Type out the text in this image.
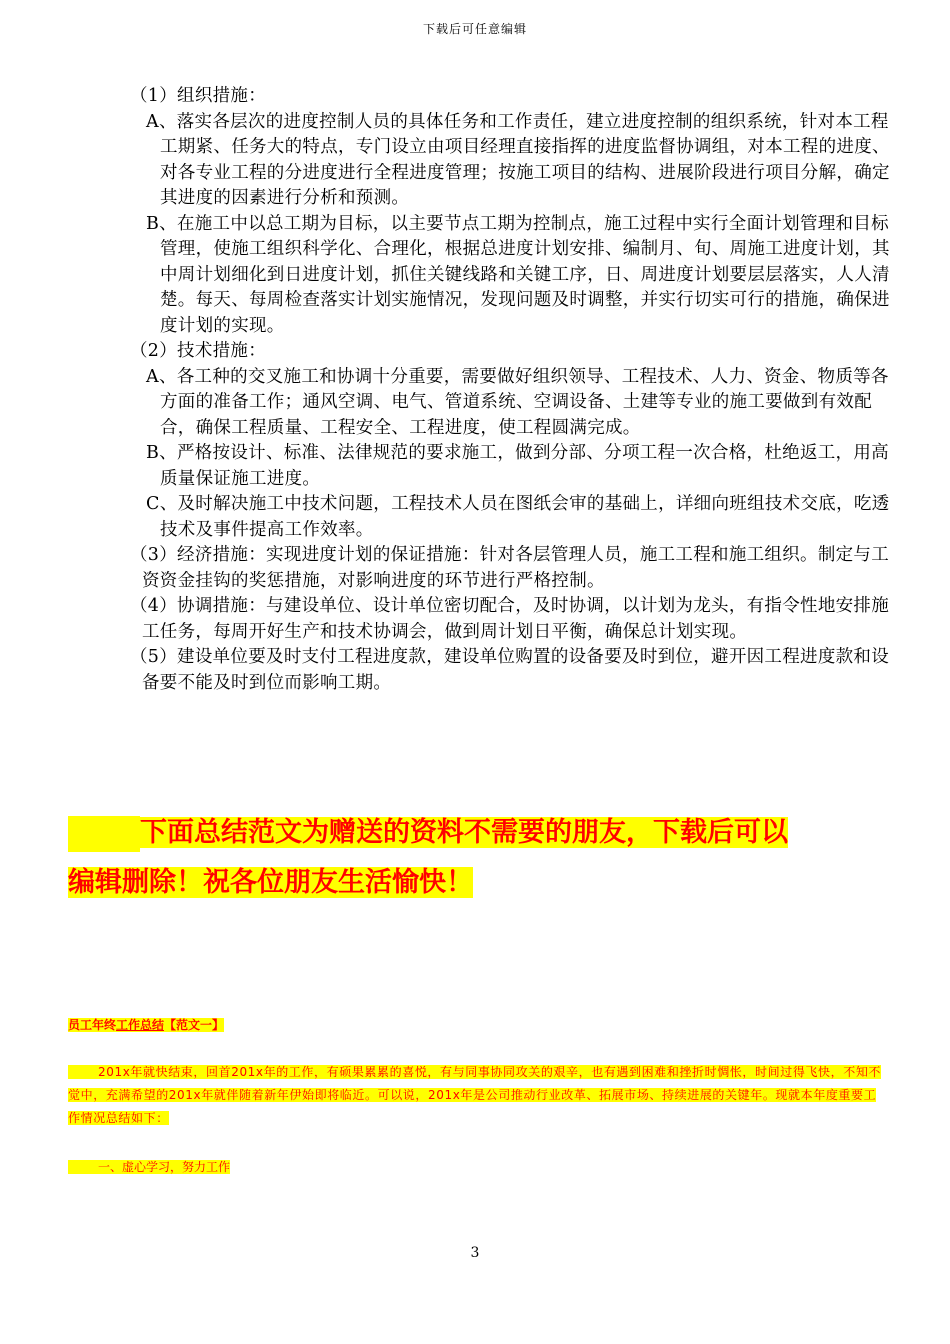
下载后可任意编辑

（1）组织措施：

A、落实各层次的进度控制人员的具体任务和工作责任，建立进度控制的组织系统，针对本工程工期紧、任务大的特点，专门设立由项目经理直接指挥的进度监督协调组，对本工程的进度、对各专业工程的分进度进行全程进度管理；按施工项目的结构、进展阶段进行项目分解，确定其进度的因素进行分析和预测。

B、在施工中以总工期为目标，以主要节点工期为控制点，施工过程中实行全面计划管理和目标管理，使施工组织科学化、合理化，根据总进度计划安排、编制月、旬、周施工进度计划，其中周计划细化到日进度计划，抓住关键线路和关键工序，日、周进度计划要层层落实，人人清楚。每天、每周检查落实计划实施情况，发现问题及时调整，并实行切实可行的措施，确保进度计划的实现。

（2）技术措施：

A、各工种的交叉施工和协调十分重要，需要做好组织领导、工程技术、人力、资金、物质等各方面的准备工作；通风空调、电气、管道系统、空调设备、土建等专业的施工要做到有效配合，确保工程质量、工程安全、工程进度，使工程圆满完成。

B、严格按设计、标准、法律规范的要求施工，做到分部、分项工程一次合格，杜绝返工，用高质量保证施工进度。

C、及时解决施工中技术问题，工程技术人员在图纸会审的基础上，详细向班组技术交底，吃透技术及事件提高工作效率。

（3）经济措施：实现进度计划的保证措施：针对各层管理人员，施工工程和施工组织。制定与工资资金挂钩的奖惩措施，对影响进度的环节进行严格控制。

（4）协调措施：与建设单位、设计单位密切配合，及时协调，以计划为龙头，有指令性地安排施工任务，每周开好生产和技术协调会，做到周计划日平衡，确保总计划实现。

（5）建设单位要及时支付工程进度款，建设单位购置的设备要及时到位，避开因工程进度款和设备要不能及时到位而影响工期。

下面总结范文为赠送的资料不需要的朋友，下载后可以
编辑删除！祝各位朋友生活愉快！
员工年终工作总结【范文一】
201x年就快结束，回首201x年的工作，有硕果累累的喜悦，有与同事协同攻关的艰辛，也有遇到困难和挫折时惆怅，时间过得飞快，不知不觉中，充满希望的201x年就伴随着新年伊始即将临近。可以说，201x年是公司推动行业改革、拓展市场、持续进展的关键年。现就本年度重要工作情况总结如下：
一、虚心学习，努力工作
3
